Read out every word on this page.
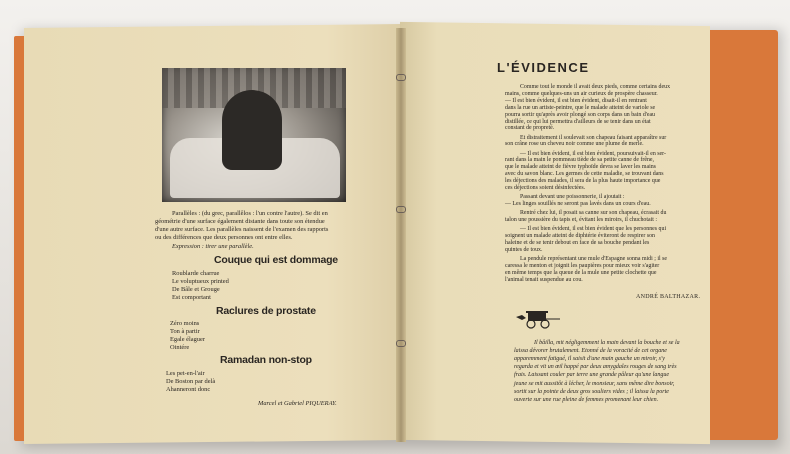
Parallèles : (du grec, parallêlos : l'un contre l'autre). Se dit en
géométrie d'une surface également distante dans toute son étendue
d'une autre surface. Les parallèles naissent de l'examen des rapports
ou des différences que deux personnes ont entre elles.
Expression : tirer une parallèle.
Couque qui est dommage
Roublarde charrue
Le voluptueux printed
De Bâle et Grouge
Est comportant
Raclures de prostate
Zéro moins
Ton à partir
Egale élaguer
Ointére
Ramadan non-stop
Les pet-en-l'air
De Boston par delà
Ahanneront donc
Marcel et Gabriel PIQUERAY.
L'ÉVIDENCE
Comme tout le monde il avait deux pieds, comme certains deux
mains, comme quelques-uns un air curieux de prospère chasseur.
— Il est bien évident, il est bien évident, disait-il en rentrant
dans la rue un artiste-peintre, que le malade atteint de variole se
pourra sortir qu'après avoir plongé son corps dans un bain d'eau
distillée, ce qui lui permettra d'ailleurs de se tenir dans un état
constant de propreté.
Et distraitement il soulevait son chapeau faisant apparaître sur
son crâne rose un cheveu noir comme une plume de merle.
— Il est bien évident, il est bien évident, poursuivait-il en ser-
rant dans la main le pommeau tiède de sa petite canne de frêne,
que le malade atteint de fièvre typhoïde devra se laver les mains
avec du savon blanc. Les germes de cette maladie, se trouvant dans
les déjections des malades, il sera de la plus haute importance que
ces déjections soient désinfectées.
Passant devant une poissonnerie, il ajoutait :
— Les linges souillés ne seront pas lavés dans un cours d'eau.
Rentré chez lui, il posait sa canne sur son chapeau, écrasait du
talon une poussière du tapis et, évitant les miroirs, il chuchotait :
— Il est bien évident, il est bien évident que les personnes qui
soignent un malade atteint de diphtérie éviteront de respirer son
haleine et de se tenir debout en face de sa bouche pendant les
quintes de toux.
La pendule représentant une mule d'Espagne sonna midi ; il se
caressa le menton et joignit les paupières pour mieux voir s'agiter
en même temps que la queue de la mule une petite clochette que
l'animal tenait suspendue au cou.
ANDRÉ BALTHAZAR.
Il bâilla, mit négligemment la main devant la bouche et se la
laissa dévorer brutalement. Etonné de la voracité de cet organe
apparemment fatigué, il saisit d'une main gauche un miroir, s'y
regarda et vit un œil happé par deux amygdales rouges de sang très
frais. Laissant couler par terre une grande pâleur qu'une langue
jeune se mit aussitôt à lécher, le monsieur, sans même dire bonsoir,
sortit sur la pointe de deux gros souliers vides ; il laissa la porte
ouverte sur une rue pleine de femmes promenant leur chien.
